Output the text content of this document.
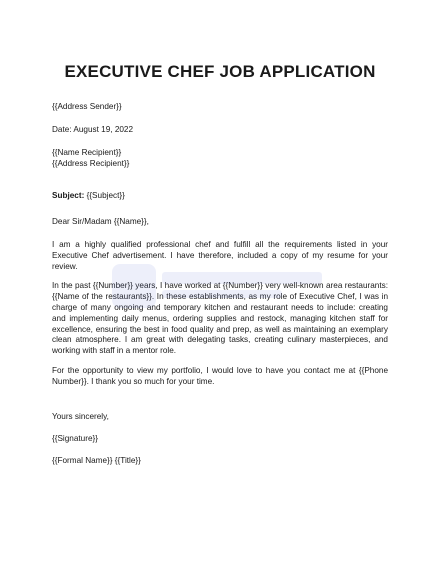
EXECUTIVE CHEF JOB APPLICATION
{{Address Sender}}
Date: August 19, 2022
{{Name Recipient}}
{{Address Recipient}}
Subject: {{Subject}}
Dear Sir/Madam {{Name}},

I am a highly qualified professional chef and fulfill all the requirements listed in your Executive Chef advertisement. I have therefore, included a copy of my resume for your review.

In the past {{Number}} years, I have worked at {{Number}} very well-known area restaurants: {{Name of the restaurants}}. In these establishments, as my role of Executive Chef, I was in charge of many ongoing and temporary kitchen and restaurant needs to include: creating and implementing daily menus, ordering supplies and restock, managing kitchen staff for excellence, ensuring the best in food quality and prep, as well as maintaining an exemplary clean atmosphere. I am great with delegating tasks, creating culinary masterpieces, and working with staff in a mentor role.

For the opportunity to view my portfolio, I would love to have you contact me at {{Phone Number}}. I thank you so much for your time.

Yours sincerely,
{{Signature}}
{{Formal Name}} {{Title}}
